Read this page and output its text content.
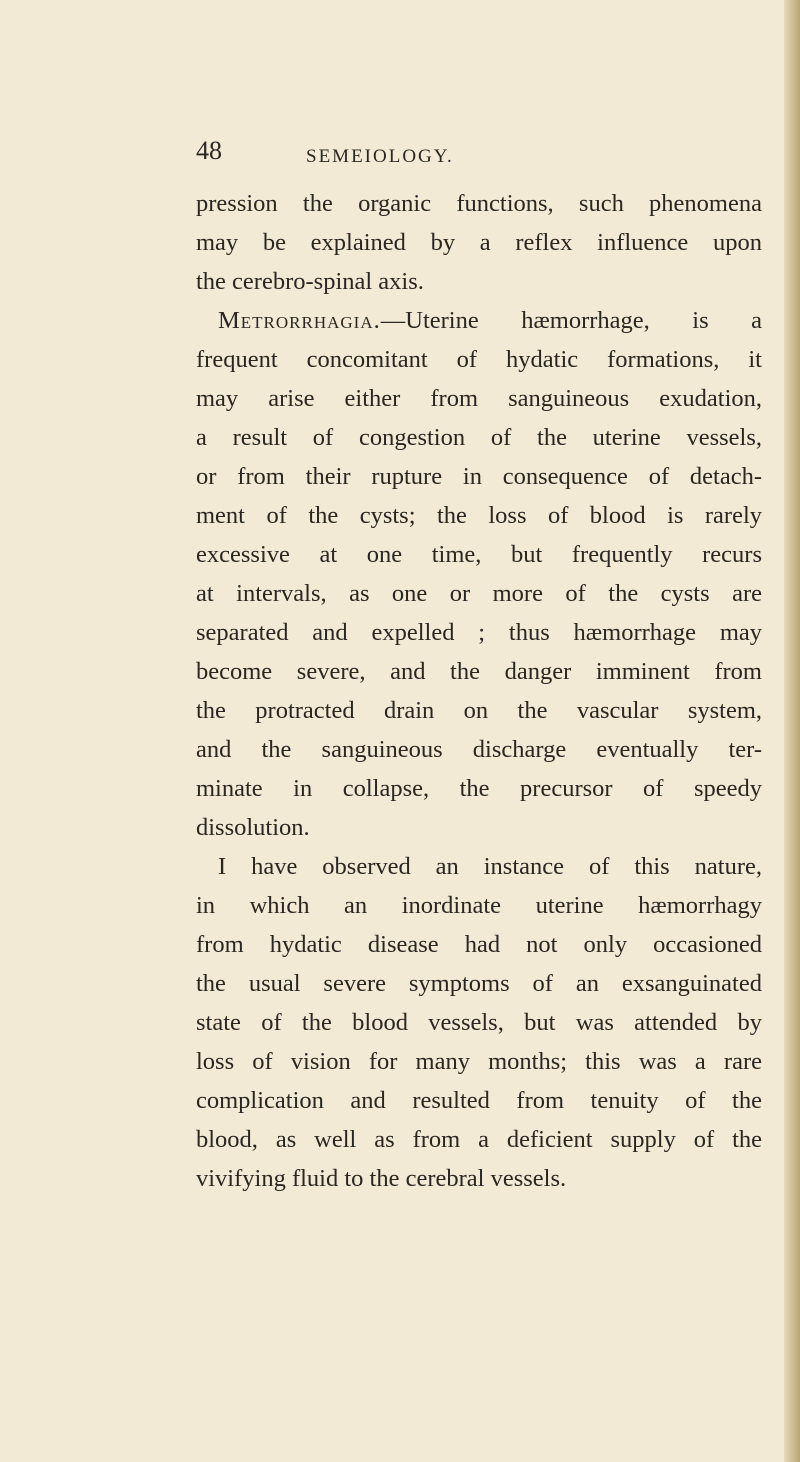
48	SEMEIOLOGY.
pression the organic functions, such phenomena
may be explained by a reflex influence upon
the cerebro-spinal axis.
Metrorrhagia.—Uterine hæmorrhage, is a
frequent concomitant of hydatic formations, it
may arise either from sanguineous exudation,
a result of congestion of the uterine vessels,
or from their rupture in consequence of detach-
ment of the cysts; the loss of blood is rarely
excessive at one time, but frequently recurs
at intervals, as one or more of the cysts are
separated and expelled ; thus hæmorrhage may
become severe, and the danger imminent from
the protracted drain on the vascular system,
and the sanguineous discharge eventually ter-
minate in collapse, the precursor of speedy
dissolution.
I have observed an instance of this nature,
in which an inordinate uterine hæmorrhagy
from hydatic disease had not only occasioned
the usual severe symptoms of an exsanguinated
state of the blood vessels, but was attended by
loss of vision for many months; this was a rare
complication and resulted from tenuity of the
blood, as well as from a deficient supply of the
vivifying fluid to the cerebral vessels.
